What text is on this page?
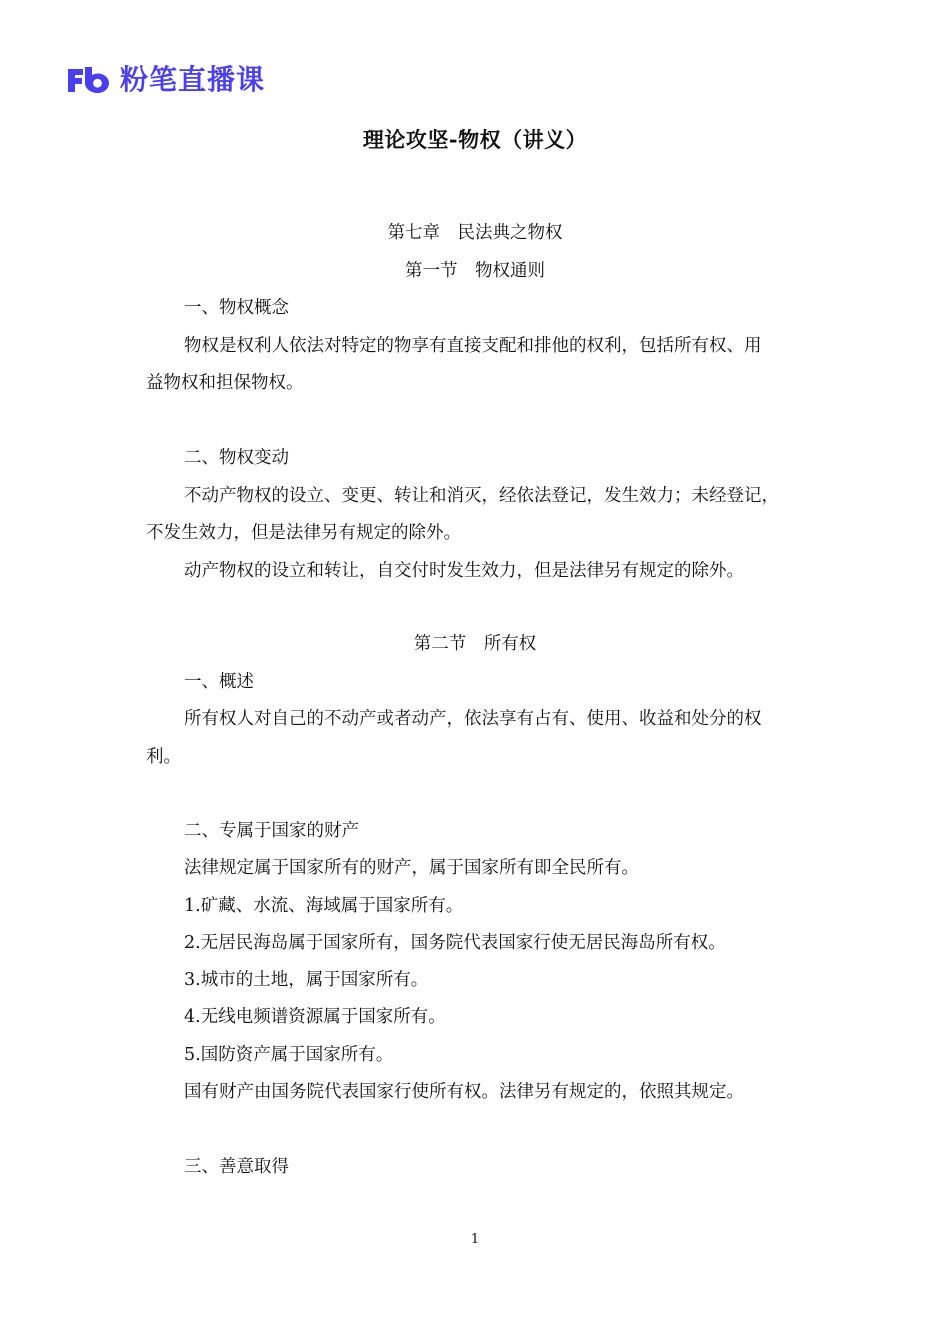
粉笔直播课
理论攻坚-物权（讲义）
第七章　民法典之物权
第一节　物权通则
一、物权概念
物权是权利人依法对特定的物享有直接支配和排他的权利，包括所有权、用
益物权和担保物权。
二、物权变动
不动产物权的设立、变更、转让和消灭，经依法登记，发生效力；未经登记，
不发生效力，但是法律另有规定的除外。
动产物权的设立和转让，自交付时发生效力，但是法律另有规定的除外。
第二节　所有权
一、概述
所有权人对自己的不动产或者动产，依法享有占有、使用、收益和处分的权
利。
二、专属于国家的财产
法律规定属于国家所有的财产，属于国家所有即全民所有。
1.矿藏、水流、海域属于国家所有。
2.无居民海岛属于国家所有，国务院代表国家行使无居民海岛所有权。
3.城市的土地，属于国家所有。
4.无线电频谱资源属于国家所有。
5.国防资产属于国家所有。
国有财产由国务院代表国家行使所有权。法律另有规定的，依照其规定。
三、善意取得
1
